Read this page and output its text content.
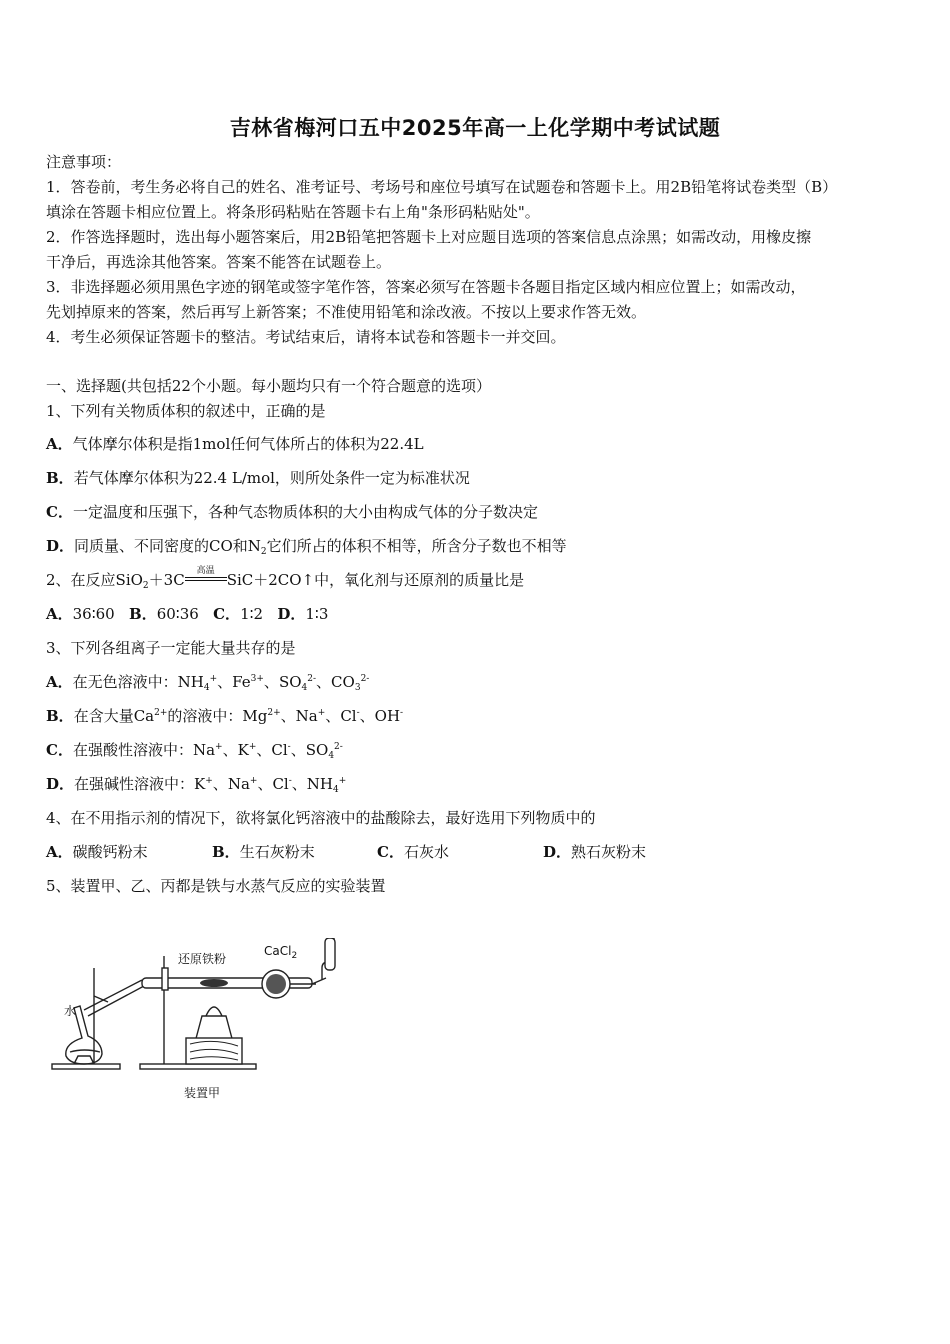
吉林省梅河口五中2025年高一上化学期中考试试题
注意事项：
1．答卷前，考生务必将自己的姓名、准考证号、考场号和座位号填写在试题卷和答题卡上。用2B铅笔将试卷类型（B）
填涂在答题卡相应位置上。将条形码粘贴在答题卡右上角"条形码粘贴处"。
2．作答选择题时，选出每小题答案后，用2B铅笔把答题卡上对应题目选项的答案信息点涂黑；如需改动，用橡皮擦
干净后，再选涂其他答案。答案不能答在试题卷上。
3．非选择题必须用黑色字迹的钢笔或签字笔作答，答案必须写在答题卡各题目指定区域内相应位置上；如需改动，
先划掉原来的答案，然后再写上新答案；不准使用铅笔和涂改液。不按以上要求作答无效。
4．考生必须保证答题卡的整洁。考试结束后，请将本试卷和答题卡一并交回。
一、选择题(共包括22个小题。每小题均只有一个符合题意的选项）
1、下列有关物质体积的叙述中，正确的是
A．气体摩尔体积是指1mol任何气体所占的体积为22.4L
B．若气体摩尔体积为22.4 L/mol，则所处条件一定为标准状况
C．一定温度和压强下，各种气态物质体积的大小由构成气体的分子数决定
D．同质量、不同密度的CO和$N_2$它们所占的体积不相等，所含分子数也不相等
2、在反应SiO$_2$＋3C	高温 SiC＋2CO↑中，氧化剂与还原剂的质量比是
A．36∶60 B．60∶36 C．1∶2 D．1∶3
3、下列各组离子一定能大量共存的是
A．在无色溶液中：$NH_4^+$、$Fe^{3+}$、$SO_4^{2-}$、$CO_3^{2-}$
B．在含大量$Ca^{2+}$的溶液中：$Mg^{2+}$、Na+、Cl-、OH-
C．在强酸性溶液中：Na+、K+、Cl-、$SO_4^{2-}$
D．在强碱性溶液中：K+、Na+、Cl-、$NH_4^+$
4、在不用指示剂的情况下，欲将氯化钙溶液中的盐酸除去，最好选用下列物质中的
A．碳酸钙粉末	B．生石灰粉末	C．石灰水	D．熟石灰粉末
5、装置甲、乙、丙都是铁与水蒸气反应的实验装置
还原铁粉
CaCl$_2$
水
装置甲
